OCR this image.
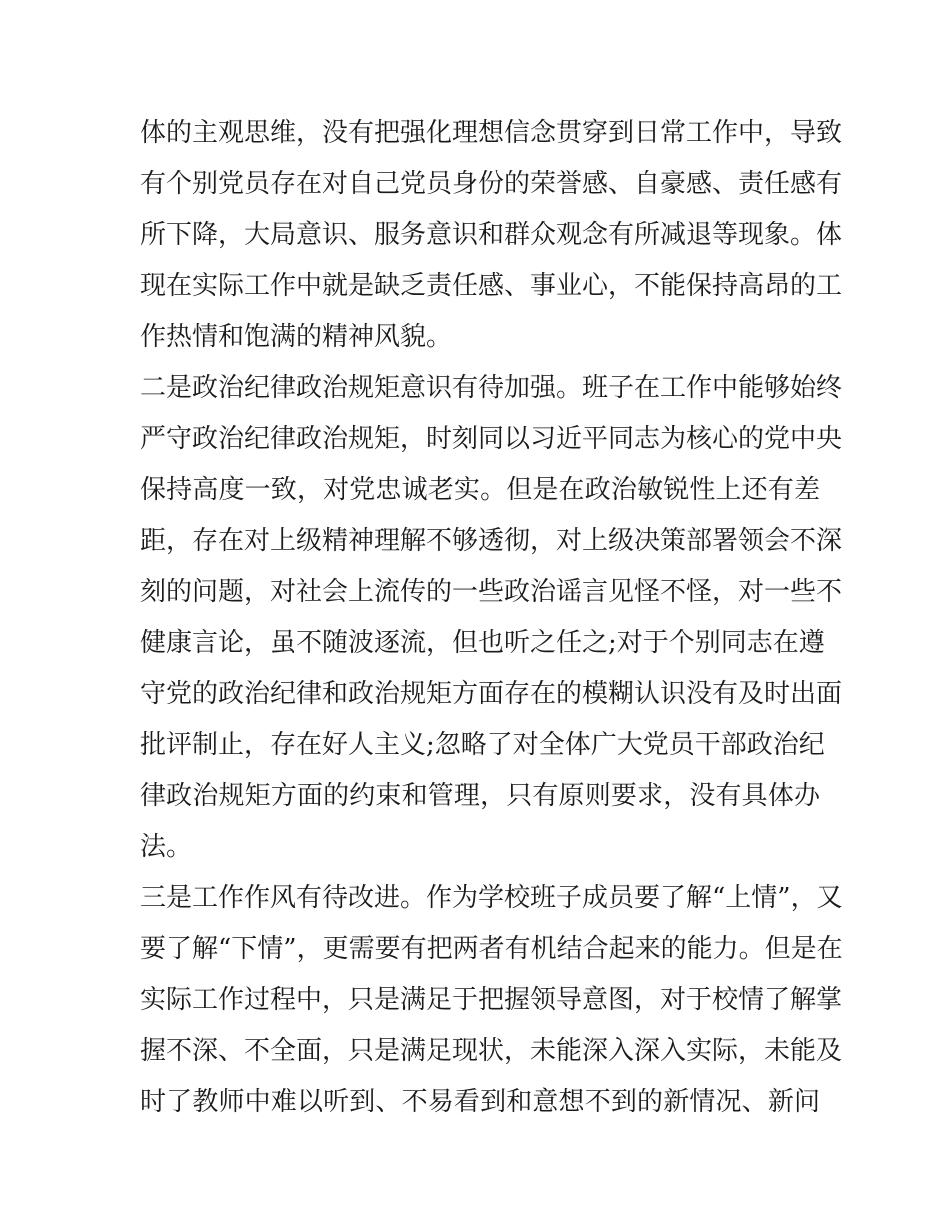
体的主观思维，没有把强化理想信念贯穿到日常工作中，导致
有个别党员存在对自己党员身份的荣誉感、自豪感、责任感有
所下降，大局意识、服务意识和群众观念有所减退等现象。体
现在实际工作中就是缺乏责任感、事业心，不能保持高昂的工
作热情和饱满的精神风貌。
二是政治纪律政治规矩意识有待加强。班子在工作中能够始终
严守政治纪律政治规矩，时刻同以习近平同志为核心的党中央
保持高度一致，对党忠诚老实。但是在政治敏锐性上还有差
距，存在对上级精神理解不够透彻，对上级决策部署领会不深
刻的问题，对社会上流传的一些政治谣言见怪不怪，对一些不
健康言论，虽不随波逐流，但也听之任之;对于个别同志在遵
守党的政治纪律和政治规矩方面存在的模糊认识没有及时出面
批评制止，存在好人主义;忽略了对全体广大党员干部政治纪
律政治规矩方面的约束和管理，只有原则要求，没有具体办
法。
三是工作作风有待改进。作为学校班子成员要了解“上情”，又
要了解“下情”，更需要有把两者有机结合起来的能力。但是在
实际工作过程中，只是满足于把握领导意图，对于校情了解掌
握不深、不全面，只是满足现状，未能深入深入实际，未能及
时了教师中难以听到、不易看到和意想不到的新情况、新问
